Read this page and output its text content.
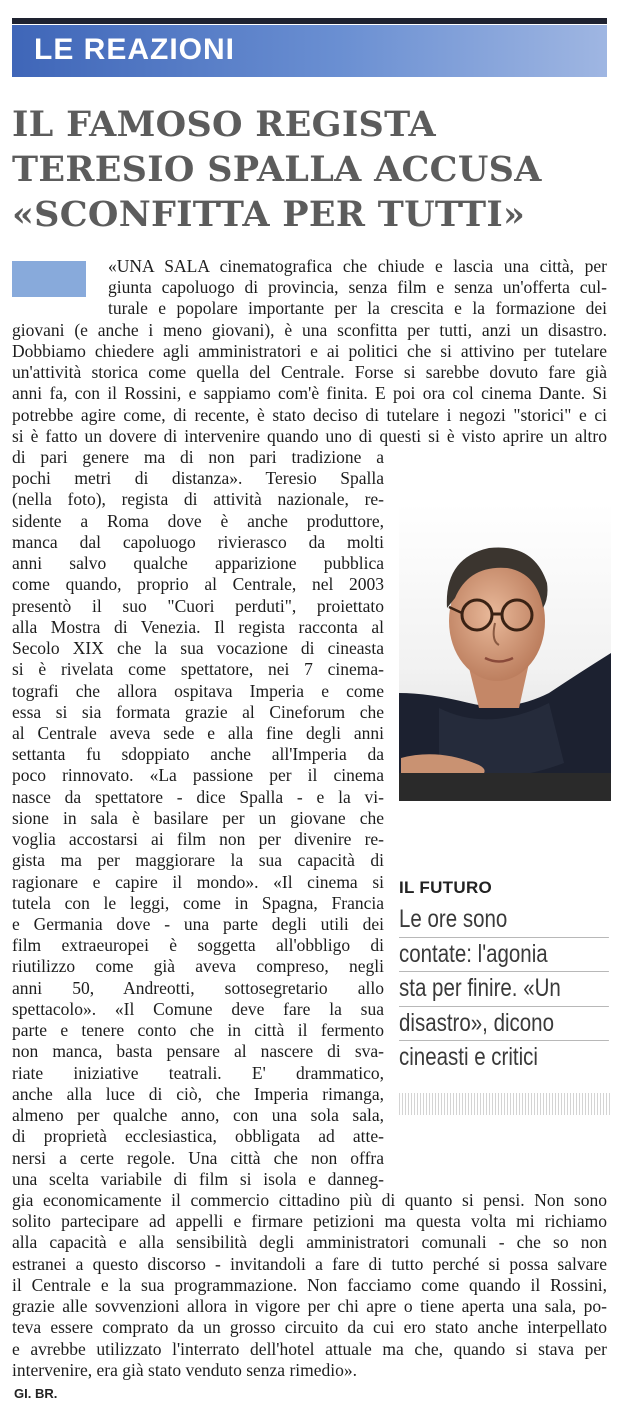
LE REAZIONI
IL FAMOSO REGISTA
TERESIO SPALLA ACCUSA
«SCONFITTA PER TUTTI»
«UNA SALA cinematografica che chiude e lascia una città, per
giunta capoluogo di provincia, senza film e senza un'offerta cul-
turale e popolare importante per la crescita e la formazione dei
giovani (e anche i meno giovani), è una sconfitta per tutti, anzi un disastro.
Dobbiamo chiedere agli amministratori e ai politici che si attivino per tutelare
un'attività storica come quella del Centrale. Forse si sarebbe dovuto fare già
anni fa, con il Rossini, e sappiamo com'è finita. E poi ora col cinema Dante. Si
potrebbe agire come, di recente, è stato deciso di tutelare i negozi "storici" e ci
si è fatto un dovere di intervenire quando uno di questi si è visto aprire un altro
di pari genere ma di non pari tradizione a
pochi metri di distanza». Teresio Spalla
(nella foto), regista di attività nazionale, re-
sidente a Roma dove è anche produttore,
manca dal capoluogo rivierasco da molti
anni salvo qualche apparizione pubblica
come quando, proprio al Centrale, nel 2003
presentò il suo "Cuori perduti", proiettato
alla Mostra di Venezia. Il regista racconta al
Secolo XIX che la sua vocazione di cineasta
si è rivelata come spettatore, nei 7 cinema-
tografi che allora ospitava Imperia e come
essa si sia formata grazie al Cineforum che
al Centrale aveva sede e alla fine degli anni
settanta fu sdoppiato anche all'Imperia da
poco rinnovato. «La passione per il cinema
nasce da spettatore - dice Spalla - e la vi-
sione in sala è basilare per un giovane che
voglia accostarsi ai film non per divenire re-
gista ma per maggiorare la sua capacità di
ragionare e capire il mondo». «Il cinema si
tutela con le leggi, come in Spagna, Francia
e Germania dove - una parte degli utili dei
film extraeuropei è soggetta all'obbligo di
riutilizzo come già aveva compreso, negli
anni 50, Andreotti, sottosegretario allo
spettacolo». «Il Comune deve fare la sua
parte e tenere conto che in città il fermento
non manca, basta pensare al nascere di sva-
riate iniziative teatrali. E' drammatico,
anche alla luce di ciò, che Imperia rimanga,
almeno per qualche anno, con una sola sala,
di proprietà ecclesiastica, obbligata ad atte-
nersi a certe regole. Una città che non offra
una scelta variabile di film si isola e danneg-
gia economicamente il commercio cittadino più di quanto si pensi. Non sono
solito partecipare ad appelli e firmare petizioni ma questa volta mi richiamo
alla capacità e alla sensibilità degli amministratori comunali - che so non
estranei a questo discorso - invitandoli a fare di tutto perché si possa salvare
il Centrale e la sua programmazione. Non facciamo come quando il Rossini,
grazie alle sovvenzioni allora in vigore per chi apre o tiene aperta una sala, po-
teva essere comprato da un grosso circuito da cui ero stato anche interpellato
e avrebbe utilizzato l'interrato dell'hotel attuale ma che, quando si stava per
intervenire, era già stato venduto senza rimedio».
IL FUTURO
Le ore sono
contate: l'agonia
sta per finire. «Un
disastro», dicono
cineasti e critici
GI. BR.
